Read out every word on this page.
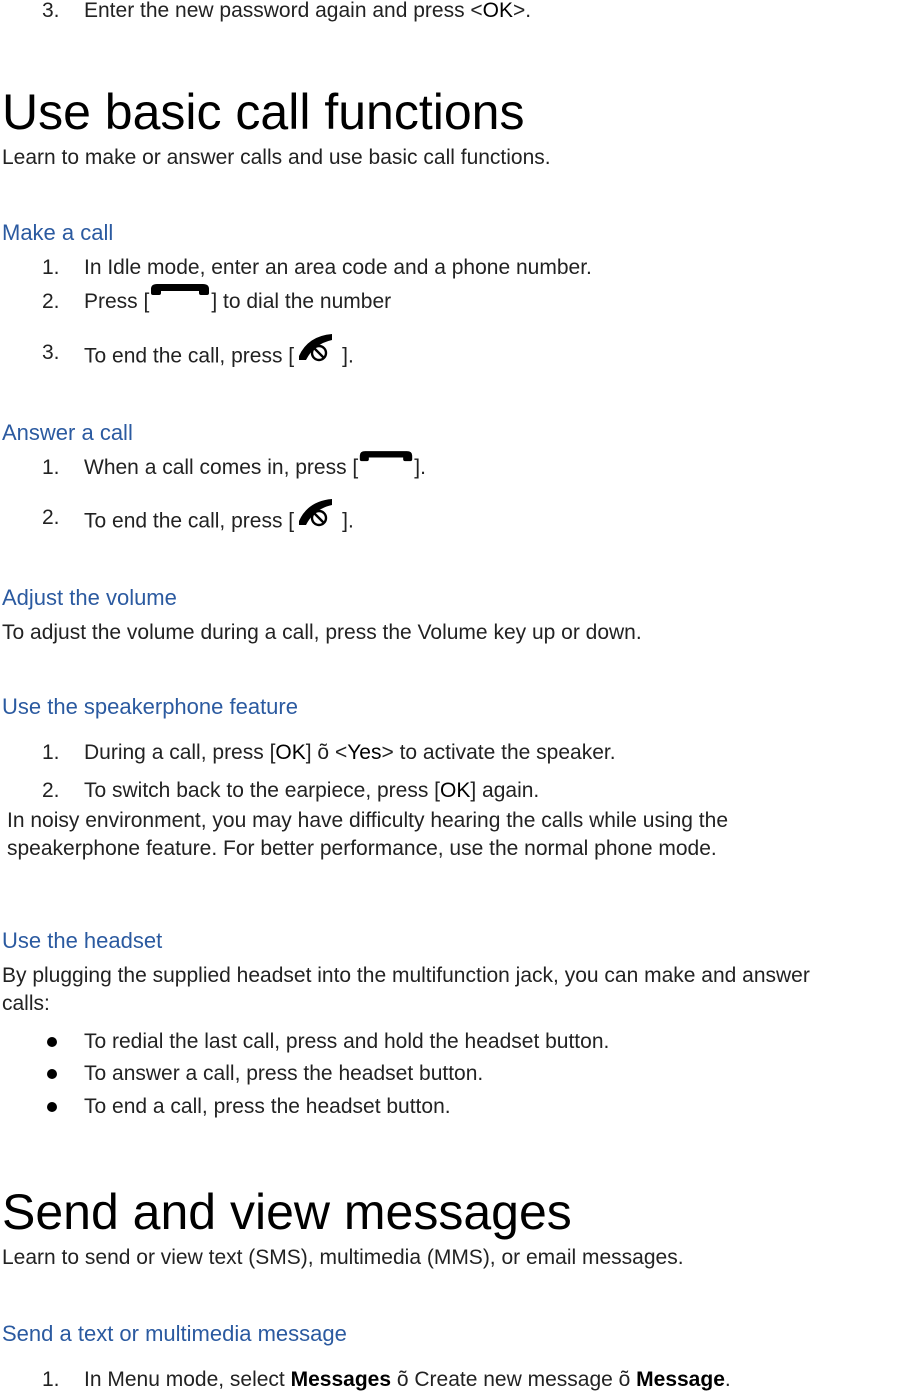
3. Enter the new password again and press <OK>.
Use basic call functions
Learn to make or answer calls and use basic call functions.
Make a call
1. In Idle mode, enter an area code and a phone number.
2. Press [	] to dial the number
3. To end the call, press [ ].
Answer a call
1. When a call comes in, press [	].
2. To end the call, press [ ].
Adjust the volume
To adjust the volume during a call, press the Volume key up or down.
Use the speakerphone feature
1. During a call, press [OK] õ <Yes> to activate the speaker.
2. To switch back to the earpiece, press [OK] again.
In noisy environment, you may have difficulty hearing the calls while using the
speakerphone feature. For better performance, use the normal phone mode.
Use the headset
By plugging the supplied headset into the multifunction jack, you can make and answer
calls:
To redial the last call, press and hold the headset button.
To answer a call, press the headset button.
To end a call, press the headset button.
Send and view messages
Learn to send or view text (SMS), multimedia (MMS), or email messages.
Send a text or multimedia message
1. In Menu mode, select Messages õ Create new message õ Message.
